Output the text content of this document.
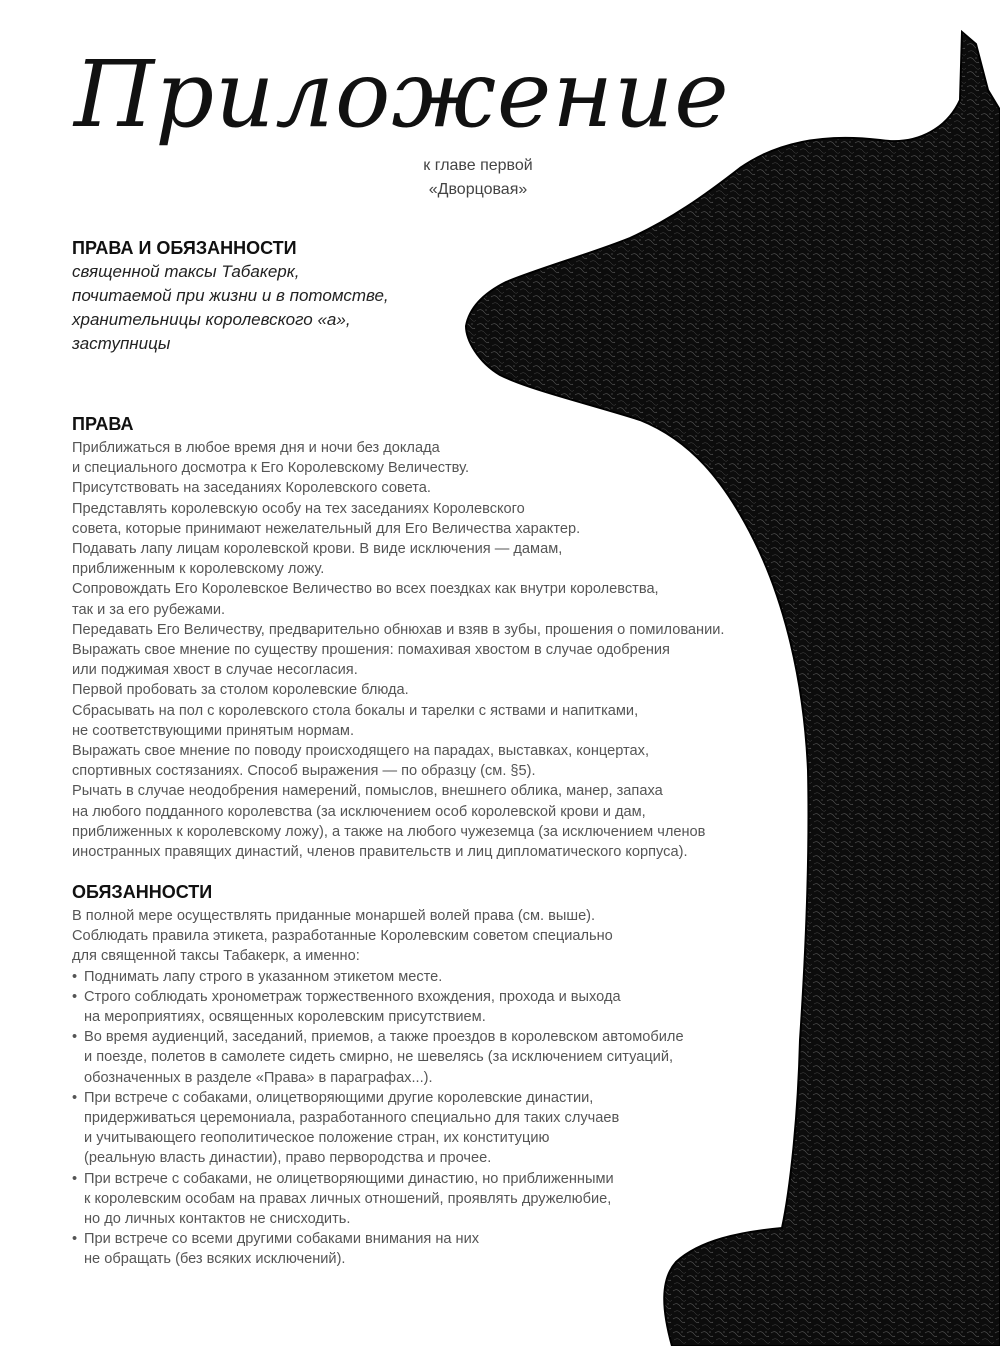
Приложение
к главе первой
«Дворцовая»
ПРАВА И ОБЯЗАННОСТИ
священной таксы Табакерк,
почитаемой при жизни и в потомстве,
хранительницы королевского «а»,
заступницы
ПРАВА
Приближаться в любое время дня и ночи без доклада
и специального досмотра к Его Королевскому Величеству.
Присутствовать на заседаниях Королевского совета.
Представлять королевскую особу на тех заседаниях Королевского
совета, которые принимают нежелательный для Его Величества характер.
Подавать лапу лицам королевской крови. В виде исключения — дамам,
приближенным к королевскому ложу.
Сопровождать Его Королевское Величество во всех поездках как внутри королевства,
так и за его рубежами.
Передавать Его Величеству, предварительно обнюхав и взяв в зубы, прошения о помиловании.
Выражать свое мнение по существу прошения: помахивая хвостом в случае одобрения
или поджимая хвост в случае несогласия.
Первой пробовать за столом королевские блюда.
Сбрасывать на пол с королевского стола бокалы и тарелки с яствами и напитками,
не соответствующими принятым нормам.
Выражать свое мнение по поводу происходящего на парадах, выставках, концертах,
спортивных состязаниях. Способ выражения — по образцу (см. §5).
Рычать в случае неодобрения намерений, помыслов, внешнего облика, манер, запаха
на любого подданного королевства (за исключением особ королевской крови и дам,
приближенных к королевскому ложу), а также на любого чужеземца (за исключением членов
иностранных правящих династий, членов правительств и лиц дипломатического корпуса).
ОБЯЗАННОСТИ
В полной мере осуществлять приданные монаршей волей права (см. выше).
Соблюдать правила этикета, разработанные Королевским советом специально
для священной таксы Табакерк, а именно:
• Поднимать лапу строго в указанном этикетом месте.
• Строго соблюдать хронометраж торжественного вхождения, прохода и выхода
на мероприятиях, освященных королевским присутствием.
• Во время аудиенций, заседаний, приемов, а также проездов в королевском автомобиле
и поезде, полетов в самолете сидеть смирно, не шевелясь (за исключением ситуаций,
обозначенных в разделе «Права» в параграфах...).
• При встрече с собаками, олицетворяющими другие королевские династии,
придерживаться церемониала, разработанного специально для таких случаев
и учитывающего геополитическое положение стран, их конституцию
(реальную власть династии), право первородства и прочее.
• При встрече с собаками, не олицетворяющими династию, но приближенными
к королевским особам на правах личных отношений, проявлять дружелюбие,
но до личных контактов не снисходить.
• При встрече со всеми другими собаками внимания на них
не обращать (без всяких исключений).
